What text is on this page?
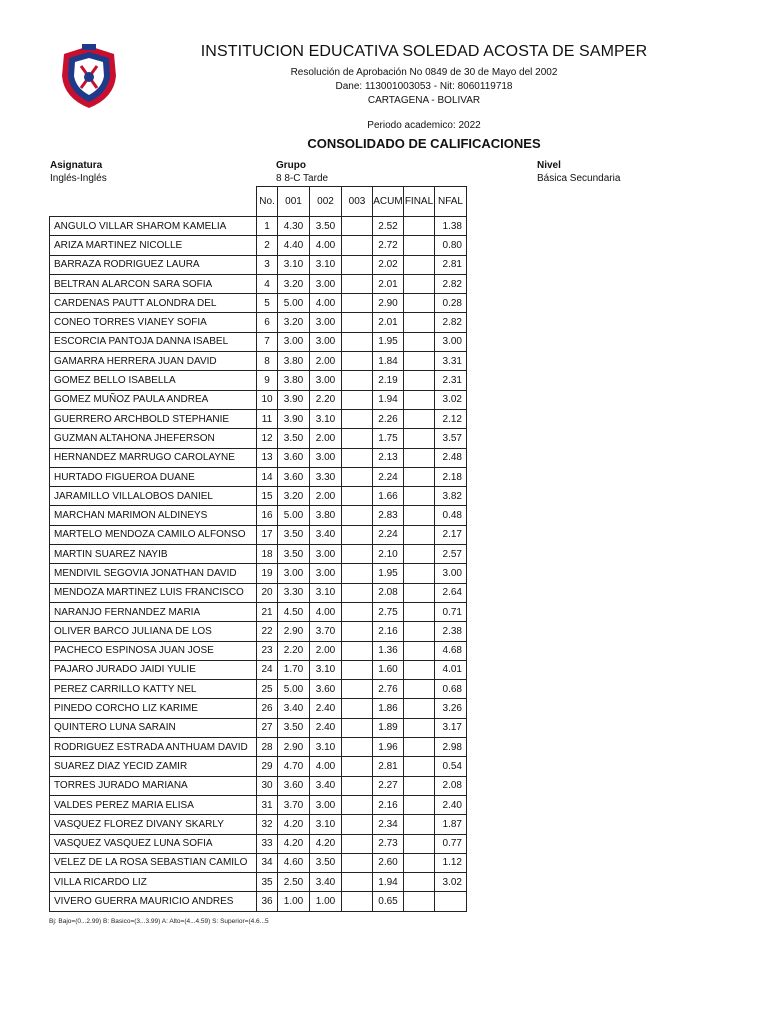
INSTITUCION EDUCATIVA SOLEDAD ACOSTA DE SAMPER
Resolución de Aprobación No 0849 de 30 de Mayo del 2002
Dane: 113001003053 - Nit: 8060119718
CARTAGENA - BOLIVAR
Periodo academico: 2022
CONSOLIDADO DE CALIFICACIONES
Asignatura
Inglés-Inglés
Grupo
8 8-C Tarde
Nivel
Básica Secundaria
	No.	001	002	003	ACUM	FINAL	NFAL
ANGULO VILLAR SHAROM KAMELIA	1	4.30	3.50		2.52		1.38
ARIZA MARTINEZ NICOLLE	2	4.40	4.00		2.72		0.80
BARRAZA RODRIGUEZ LAURA	3	3.10	3.10		2.02		2.81
BELTRAN ALARCON SARA SOFIA	4	3.20	3.00		2.01		2.82
CARDENAS PAUTT ALONDRA DEL	5	5.00	4.00		2.90		0.28
CONEO TORRES VIANEY SOFIA	6	3.20	3.00		2.01		2.82
ESCORCIA PANTOJA DANNA ISABEL	7	3.00	3.00		1.95		3.00
GAMARRA HERRERA JUAN DAVID	8	3.80	2.00		1.84		3.31
GOMEZ BELLO ISABELLA	9	3.80	3.00		2.19		2.31
GOMEZ MUÑOZ PAULA ANDREA	10	3.90	2.20		1.94		3.02
GUERRERO ARCHBOLD STEPHANIE	11	3.90	3.10		2.26		2.12
GUZMAN ALTAHONA JHEFERSON	12	3.50	2.00		1.75		3.57
HERNANDEZ MARRUGO CAROLAYNE	13	3.60	3.00		2.13		2.48
HURTADO FIGUEROA DUANE	14	3.60	3.30		2.24		2.18
JARAMILLO VILLALOBOS DANIEL	15	3.20	2.00		1.66		3.82
MARCHAN MARIMON ALDINEYS	16	5.00	3.80		2.83		0.48
MARTELO MENDOZA CAMILO ALFONSO	17	3.50	3.40		2.24		2.17
MARTIN SUAREZ NAYIB	18	3.50	3.00		2.10		2.57
MENDIVIL SEGOVIA JONATHAN DAVID	19	3.00	3.00		1.95		3.00
MENDOZA MARTINEZ LUIS FRANCISCO	20	3.30	3.10		2.08		2.64
NARANJO FERNANDEZ MARIA	21	4.50	4.00		2.75		0.71
OLIVER BARCO JULIANA DE LOS	22	2.90	3.70		2.16		2.38
PACHECO ESPINOSA JUAN JOSE	23	2.20	2.00		1.36		4.68
PAJARO JURADO JAIDI YULIE	24	1.70	3.10		1.60		4.01
PEREZ CARRILLO KATTY NEL	25	5.00	3.60		2.76		0.68
PINEDO CORCHO LIZ KARIME	26	3.40	2.40		1.86		3.26
QUINTERO LUNA SARAIN	27	3.50	2.40		1.89		3.17
RODRIGUEZ ESTRADA ANTHUAM DAVID	28	2.90	3.10		1.96		2.98
SUAREZ DIAZ YECID ZAMIR	29	4.70	4.00		2.81		0.54
TORRES JURADO MARIANA	30	3.60	3.40		2.27		2.08
VALDES PEREZ MARIA ELISA	31	3.70	3.00		2.16		2.40
VASQUEZ FLOREZ DIVANY SKARLY	32	4.20	3.10		2.34		1.87
VASQUEZ VASQUEZ LUNA SOFIA	33	4.20	4.20		2.73		0.77
VELEZ DE LA ROSA SEBASTIAN CAMILO	34	4.60	3.50		2.60		1.12
VILLA RICARDO LIZ	35	2.50	3.40		1.94		3.02
VIVERO GUERRA MAURICIO ANDRES	36	1.00	1.00		0.65		
Bj: Bajo=(0...2.99) B: Basico=(3...3.99) A: Alto=(4...4.59) S: Superior=(4.6...5
